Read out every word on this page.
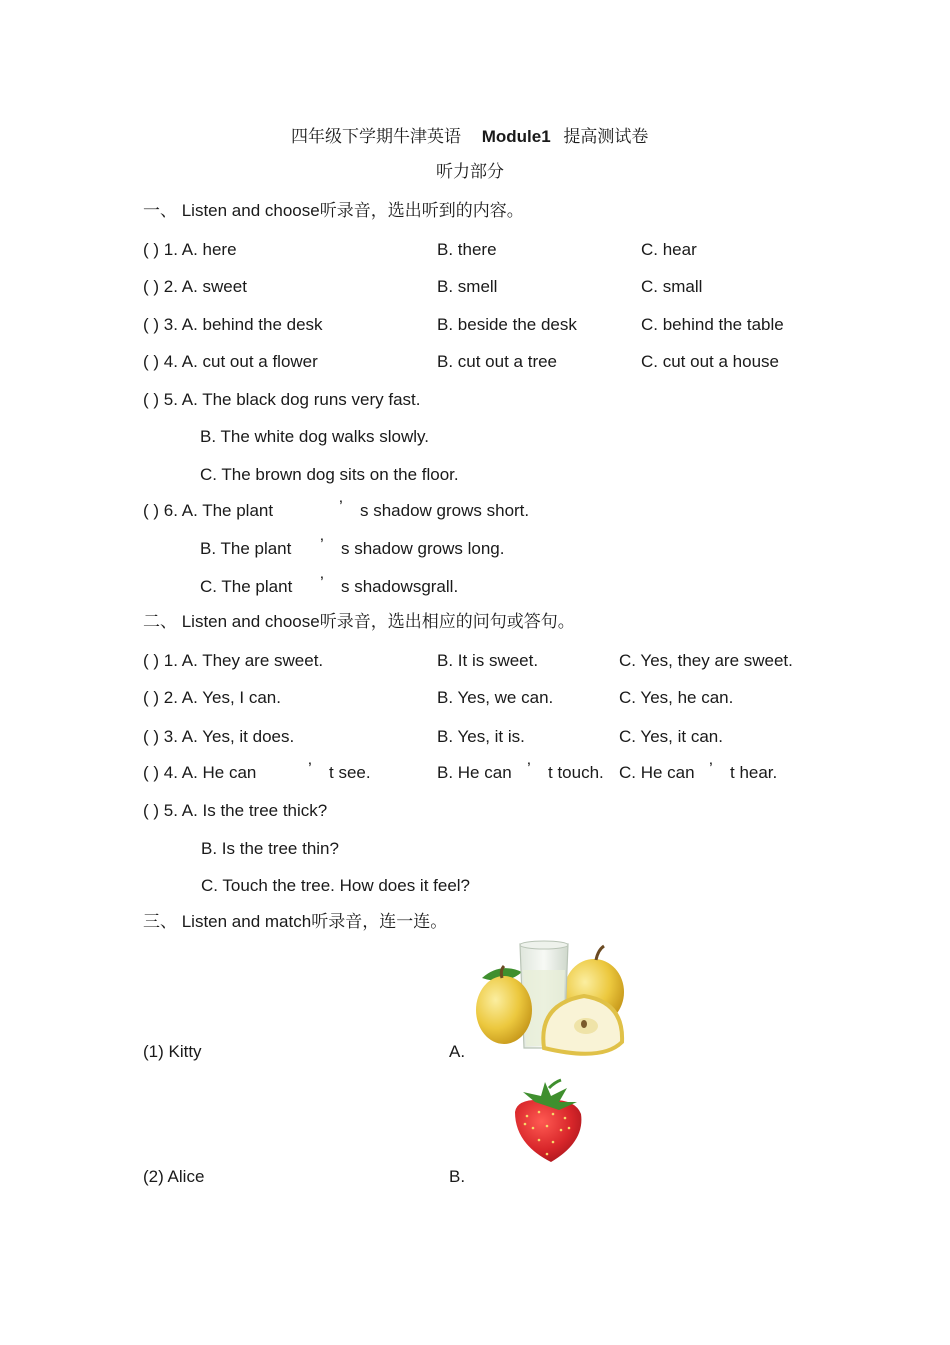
四年级下学期牛津英语 Module1 提高测试卷
听力部分
一、 Listen and choose听录音，选出听到的内容。
( ) 1. A. here	B. there	C. hear
( ) 2. A. sweet	B. smell	C. small
( ) 3. A. behind the desk	B. beside the desk	C. behind the table
( ) 4. A. cut out a flower	B. cut out a tree	C. cut out a house
( ) 5. A. The black dog runs very fast.
B. The white dog walks slowly.
C. The brown dog sits on the floor.
( ) 6. A. The plant	’ s shadow grows short.
B. The plant ’ s shadow grows long.
C. The plant ’ s shadowsgrall.
二、 Listen and choose听录音，选出相应的问句或答句。
( ) 1. A. They are sweet.	B. It is sweet.	C. Yes, they are sweet.
( ) 2. A. Yes, I can.	B. Yes, we can.	C. Yes, he can.
( ) 3. A. Yes, it does.	B. Yes, it is.	C. Yes, it can.
( ) 4. A. He can	’ t see.	B. He can ’ t touch. C. He can ’ t hear.
( ) 5. A. Is the tree thick?
B. Is the tree thin?
C. Touch the tree. How does it feel?
三、 Listen and match听录音，连一连。
(1) Kitty	A.
(2) Alice	B.
